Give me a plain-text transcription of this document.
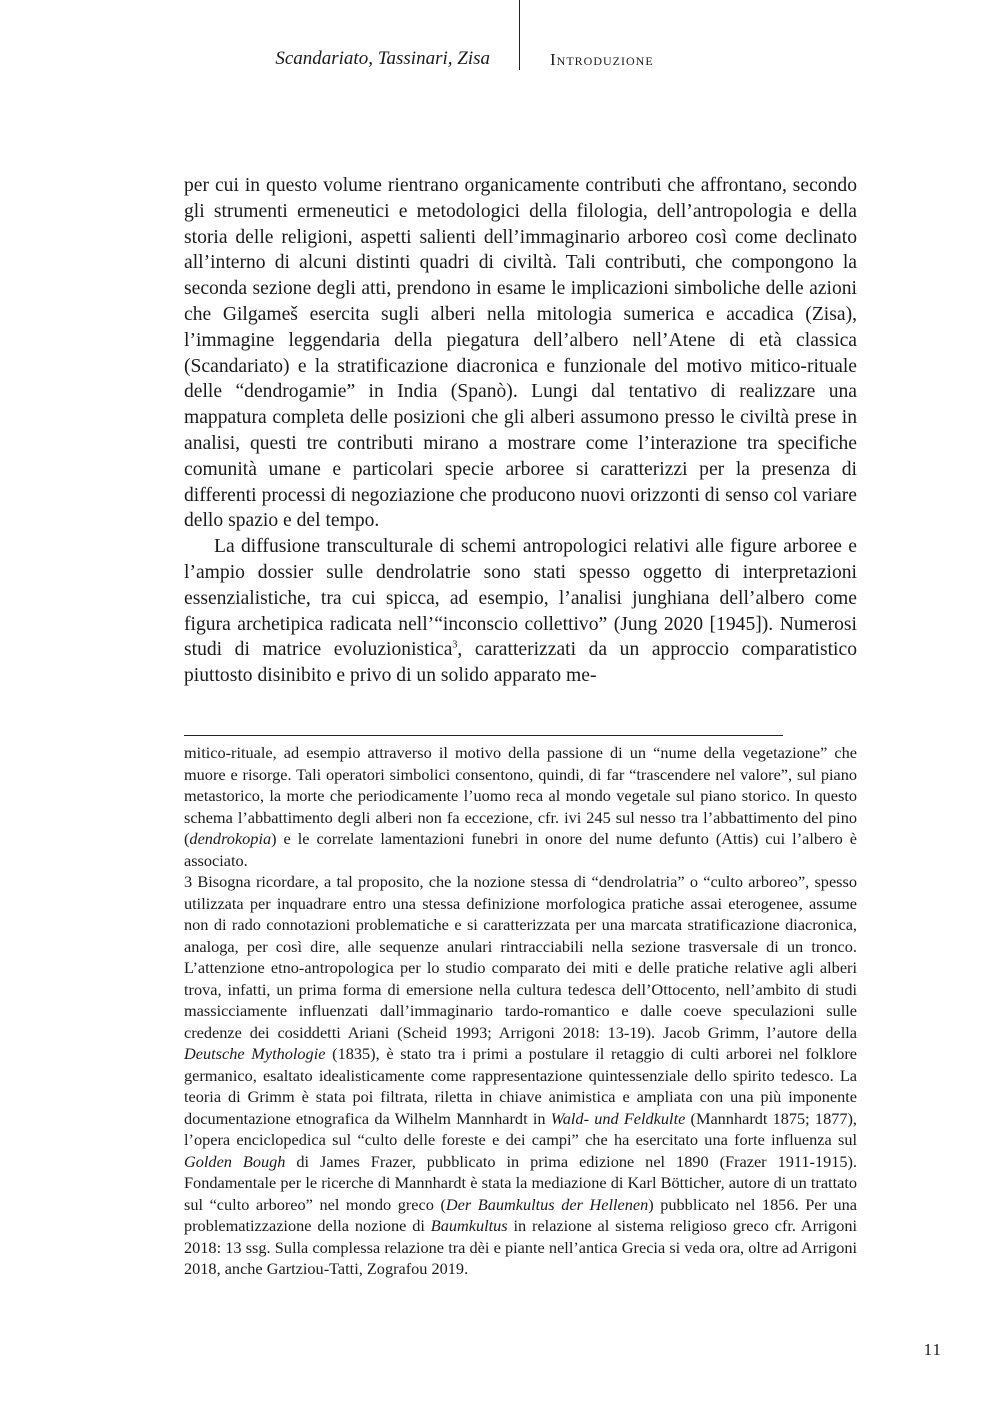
Scandariato, Tassinari, Zisa	Introduzione

per cui in questo volume rientrano organicamente contributi che affrontano, secondo gli strumenti ermeneutici e metodologici della filologia, dell’antropologia e della storia delle religioni, aspetti salienti dell’immaginario arboreo così come declinato all’interno di alcuni distinti quadri di civiltà. Tali contributi, che compongono la seconda sezione degli atti, prendono in esame le implicazioni simboliche delle azioni che Gilgameš esercita sugli alberi nella mitologia sumerica e accadica (Zisa), l’immagine leggendaria della piegatura dell’albero nell’Atene di età classica (Scandariato) e la stratificazione diacronica e funzionale del motivo mitico-rituale delle “dendrogamie” in India (Spanò). Lungi dal tentativo di realizzare una mappatura completa delle posizioni che gli alberi assumono presso le civiltà prese in analisi, questi tre contributi mirano a mostrare come l’interazione tra specifiche comunità umane e particolari specie arboree si caratterizzi per la presenza di differenti processi di negoziazione che producono nuovi orizzonti di senso col variare dello spazio e del tempo.

La diffusione transculturale di schemi antropologici relativi alle figure arboree e l’ampio dossier sulle dendrolatrie sono stati spesso oggetto di interpretazioni essenzialistiche, tra cui spicca, ad esempio, l’analisi junghiana dell’albero come figura archetipica radicata nell’“inconscio collettivo” (Jung 2020 [1945]). Numerosi studi di matrice evoluzionistica$^3$, caratterizzati da un approccio comparatistico piuttosto disinibito e privo di un solido apparato me-

mitico-rituale, ad esempio attraverso il motivo della passione di un “nume della vegetazione” che muore e risorge. Tali operatori simbolici consentono, quindi, di far “trascendere nel valore”, sul piano metastorico, la morte che periodicamente l’uomo reca al mondo vegetale sul piano storico. In questo schema l’abbattimento degli alberi non fa eccezione, cfr. ivi 245 sul nesso tra l’abbattimento del pino (dendrokopia) e le correlate lamentazioni funebri in onore del nume defunto (Attis) cui l’albero è associato.

3 Bisogna ricordare, a tal proposito, che la nozione stessa di “dendrolatria” o “culto arboreo”, spesso utilizzata per inquadrare entro una stessa definizione morfologica pratiche assai eterogenee, assume non di rado connotazioni problematiche e si caratterizzata per una marcata stratificazione diacronica, analoga, per così dire, alle sequenze anulari rintracciabili nella sezione trasversale di un tronco. L’attenzione etno-antropologica per lo studio comparato dei miti e delle pratiche relative agli alberi trova, infatti, un prima forma di emersione nella cultura tedesca dell’Ottocento, nell’ambito di studi massicciamente influenzati dall’immaginario tardo-romantico e dalle coeve speculazioni sulle credenze dei cosiddetti Ariani (Scheid 1993; Arrigoni 2018: 13-19). Jacob Grimm, l’autore della Deutsche Mythologie (1835), è stato tra i primi a postulare il retaggio di culti arborei nel folklore germanico, esaltato idealisticamente come rappresentazione quintessenziale dello spirito tedesco. La teoria di Grimm è stata poi filtrata, riletta in chiave animistica e ampliata con una più imponente documentazione etnografica da Wilhelm Mannhardt in Wald- und Feldkulte (Mannhardt 1875; 1877), l’opera enciclopedica sul “culto delle foreste e dei campi” che ha esercitato una forte influenza sul Golden Bough di James Frazer, pubblicato in prima edizione nel 1890 (Frazer 1911-1915). Fondamentale per le ricerche di Mannhardt è stata la mediazione di Karl Bötticher, autore di un trattato sul “culto arboreo” nel mondo greco (Der Baumkultus der Hellenen) pubblicato nel 1856. Per una problematizzazione della nozione di Baumkultus in relazione al sistema religioso greco cfr. Arrigoni 2018: 13 ssg. Sulla complessa relazione tra dèi e piante nell’antica Grecia si veda ora, oltre ad Arrigoni 2018, anche Gartziou-Tatti, Zografou 2019.

11
